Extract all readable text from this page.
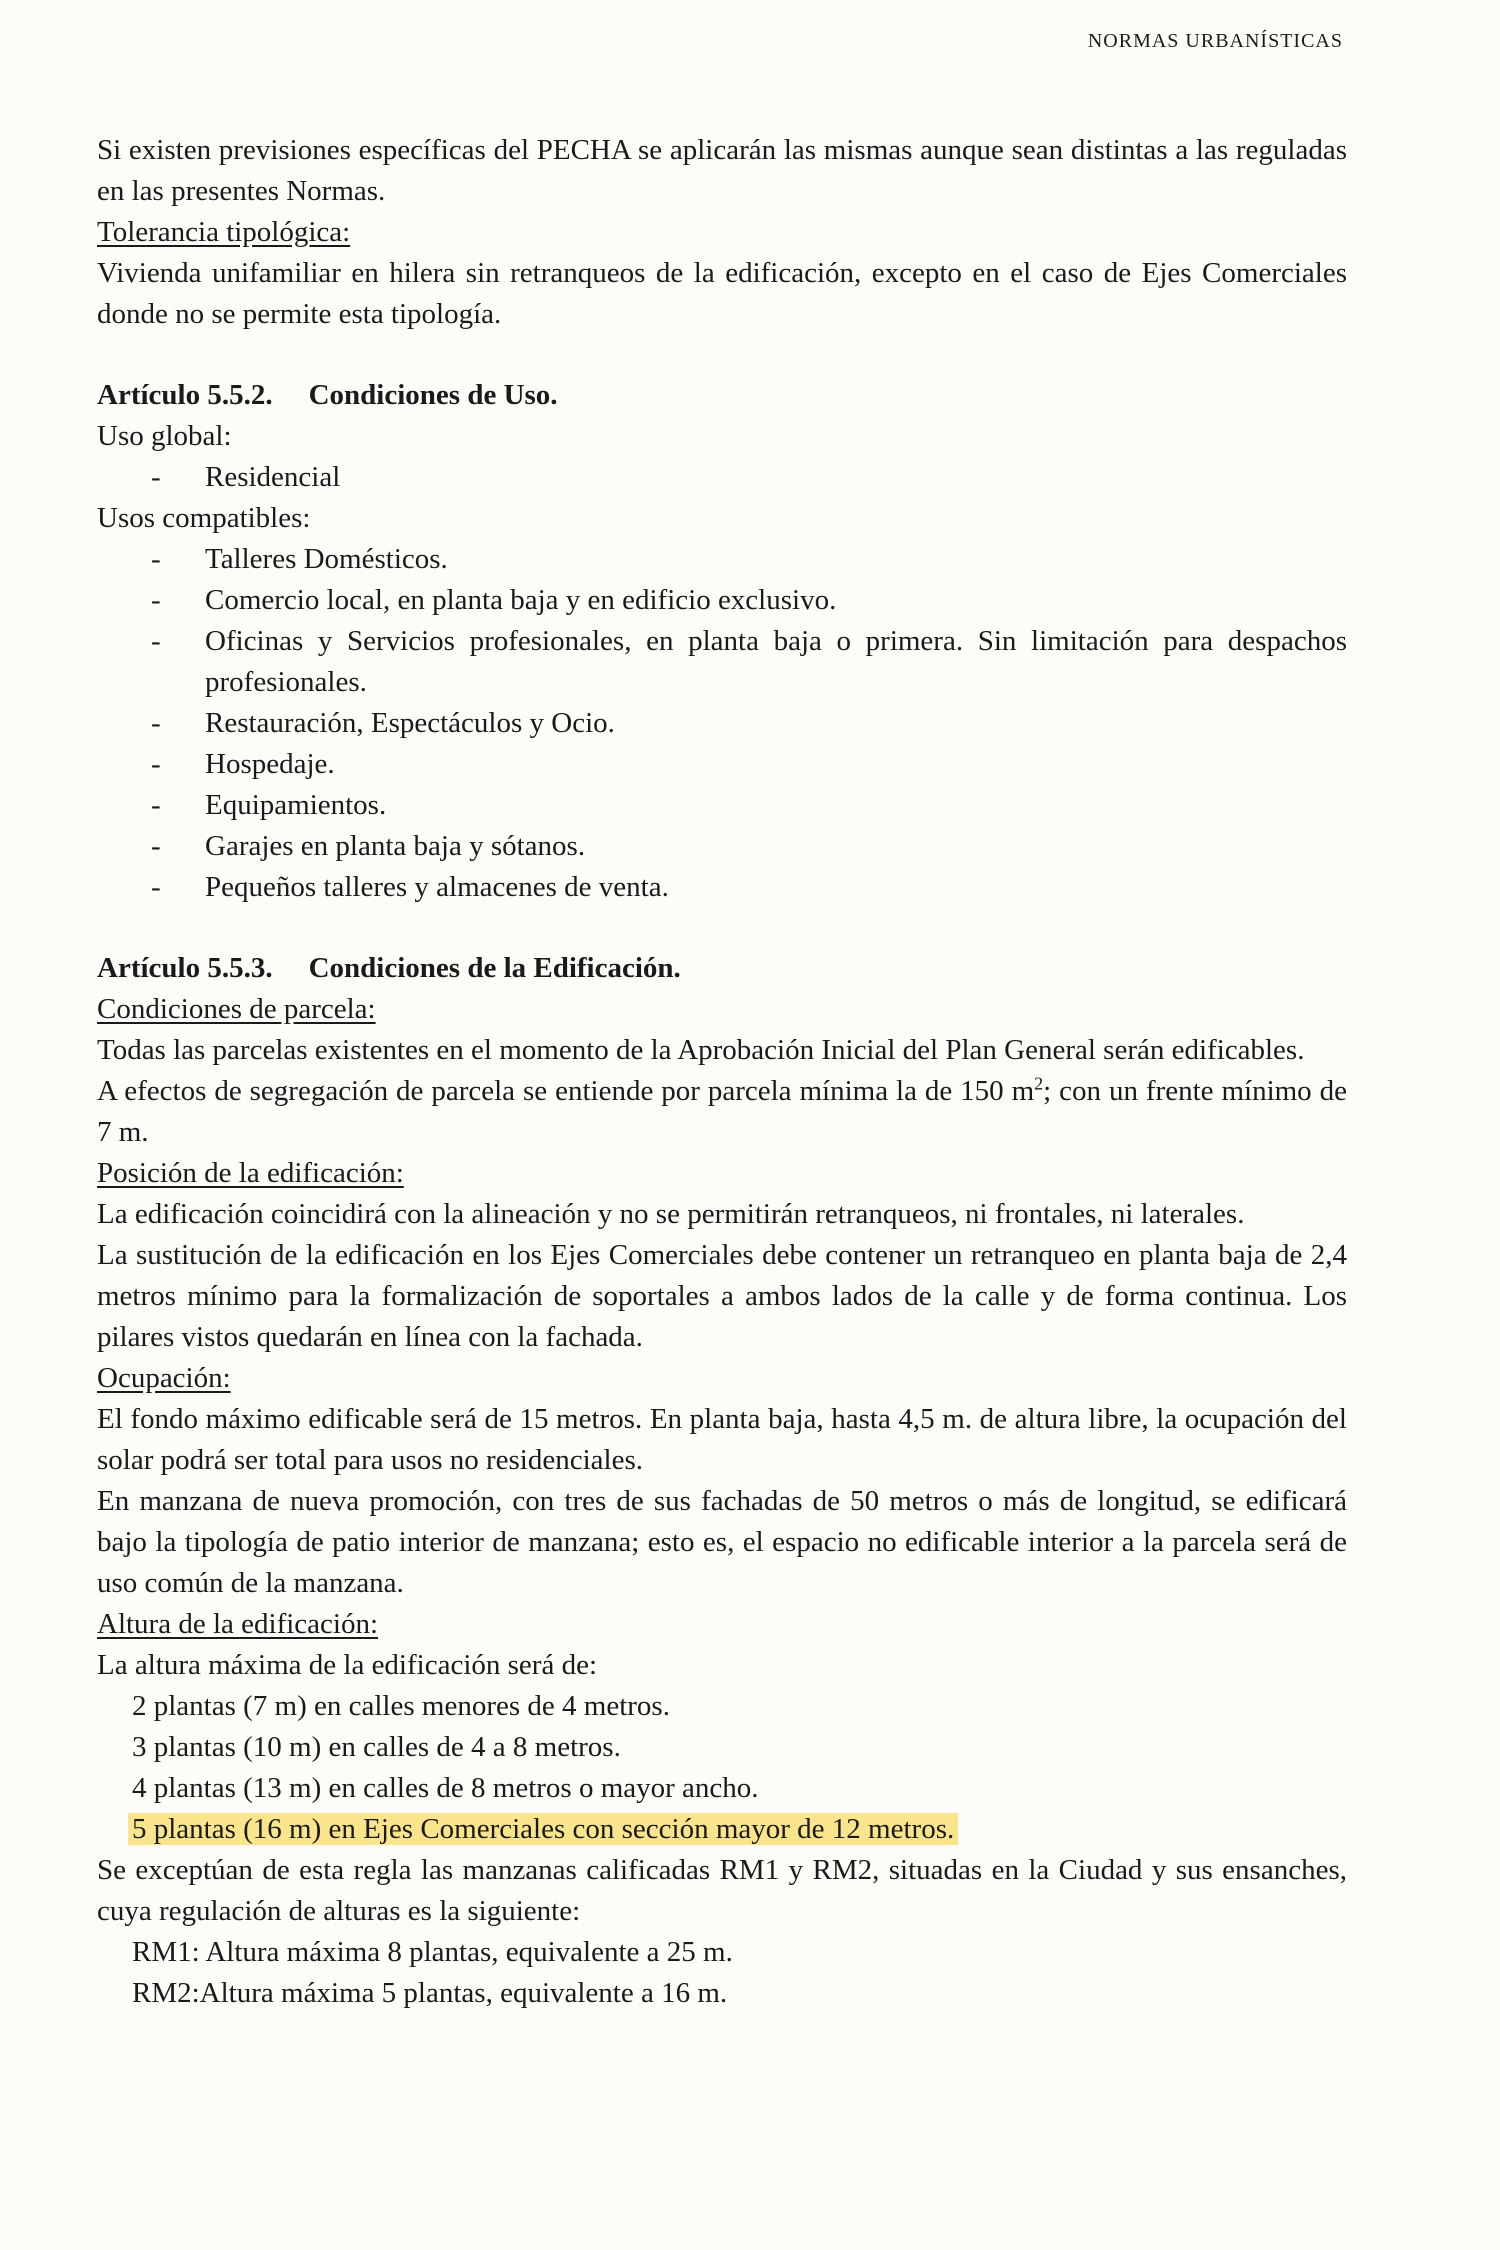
NORMAS URBANÍSTICAS

Si existen previsiones específicas del PECHA se aplicarán las mismas aunque sean distintas a las reguladas en las presentes Normas.

Tolerancia tipológica:

Vivienda unifamiliar en hilera sin retranqueos de la edificación, excepto en el caso de Ejes Comerciales donde no se permite esta tipología.

Artículo 5.5.2. Condiciones de Uso.

Uso global:

- Residencial

Usos compatibles:

- Talleres Domésticos.
- Comercio local, en planta baja y en edificio exclusivo.
- Oficinas y Servicios profesionales, en planta baja o primera. Sin limitación para despachos profesionales.
- Restauración, Espectáculos y Ocio.
- Hospedaje.
- Equipamientos.
- Garajes en planta baja y sótanos.
- Pequeños talleres y almacenes de venta.

Artículo 5.5.3. Condiciones de la Edificación.

Condiciones de parcela:

Todas las parcelas existentes en el momento de la Aprobación Inicial del Plan General serán edificables.

A efectos de segregación de parcela se entiende por parcela mínima la de 150 $m^2$; con un frente mínimo de 7 m.

Posición de la edificación:

La edificación coincidirá con la alineación y no se permitirán retranqueos, ni frontales, ni laterales.

La sustitución de la edificación en los Ejes Comerciales debe contener un retranqueo en planta baja de 2,4 metros mínimo para la formalización de soportales a ambos lados de la calle y de forma continua. Los pilares vistos quedarán en línea con la fachada.

Ocupación:

El fondo máximo edificable será de 15 metros. En planta baja, hasta 4,5 m. de altura libre, la ocupación del solar podrá ser total para usos no residenciales.

En manzana de nueva promoción, con tres de sus fachadas de 50 metros o más de longitud, se edificará bajo la tipología de patio interior de manzana; esto es, el espacio no edificable interior a la parcela será de uso común de la manzana.

Altura de la edificación:

La altura máxima de la edificación será de:

2 plantas (7 m) en calles menores de 4 metros.
3 plantas (10 m) en calles de 4 a 8 metros.
4 plantas (13 m) en calles de 8 metros o mayor ancho.
5 plantas (16 m) en Ejes Comerciales con sección mayor de 12 metros.

Se exceptúan de esta regla las manzanas calificadas RM1 y RM2, situadas en la Ciudad y sus ensanches, cuya regulación de alturas es la siguiente:

RM1: Altura máxima 8 plantas, equivalente a 25 m.
RM2:Altura máxima 5 plantas, equivalente a 16 m.
